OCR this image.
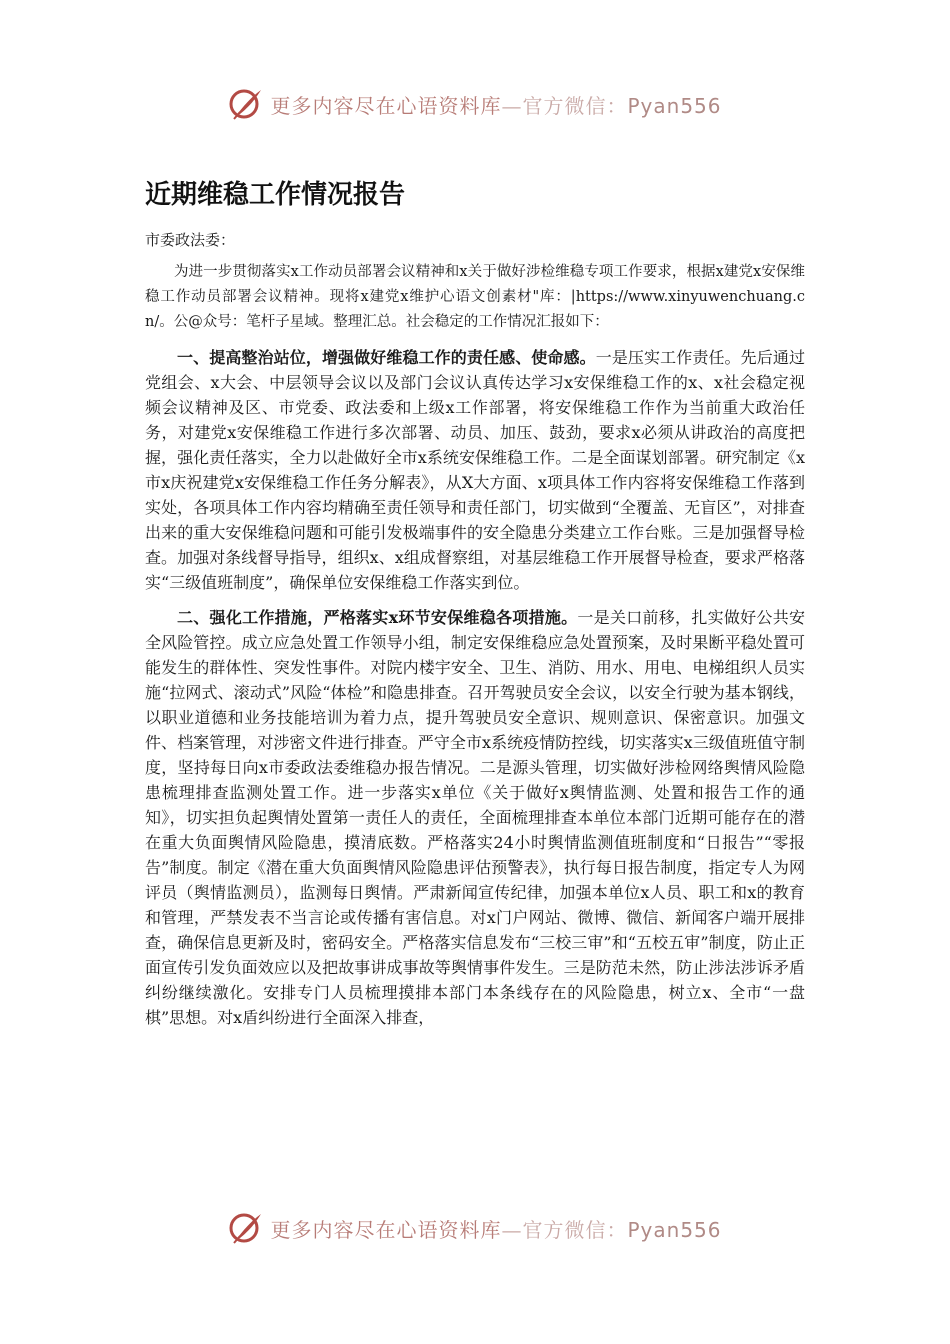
更多内容尽在心语资料库—官方微信：Pyan556
近期维稳工作情况报告

市委政法委：

为进一步贯彻落实x工作动员部署会议精神和x关于做好涉检维稳专项工作要求，根据x建党x安保维稳工作动员部署会议精神。现将x建党x维护心语文创素材"库：|https://www.xinyuwenchuang.cn/。公@众号：笔杆子星域。整理汇总。社会稳定的工作情况汇报如下：

一、提高整治站位，增强做好维稳工作的责任感、使命感。一是压实工作责任。先后通过党组会、x大会、中层领导会议以及部门会议认真传达学习x安保维稳工作的x、x社会稳定视频会议精神及区、市党委、政法委和上级x工作部署，将安保维稳工作作为当前重大政治任务，对建党x安保维稳工作进行多次部署、动员、加压、鼓劲，要求x必须从讲政治的高度把握，强化责任落实，全力以赴做好全市x系统安保维稳工作。二是全面谋划部署。研究制定《x市x庆祝建党x安保维稳工作任务分解表》，从X大方面、x项具体工作内容将安保维稳工作落到实处，各项具体工作内容均精确至责任领导和责任部门，切实做到“全覆盖、无盲区”，对排查出来的重大安保维稳问题和可能引发极端事件的安全隐患分类建立工作台账。三是加强督导检查。加强对条线督导指导，组织x、x组成督察组，对基层维稳工作开展督导检查，要求严格落实“三级值班制度”，确保单位安保维稳工作落实到位。

二、强化工作措施，严格落实x环节安保维稳各项措施。一是关口前移，扎实做好公共安全风险管控。成立应急处置工作领导小组，制定安保维稳应急处置预案，及时果断平稳处置可能发生的群体性、突发性事件。对院内楼宇安全、卫生、消防、用水、用电、电梯组织人员实施“拉网式、滚动式”风险“体检”和隐患排查。召开驾驶员安全会议，以安全行驶为基本钢线，以职业道德和业务技能培训为着力点，提升驾驶员安全意识、规则意识、保密意识。加强文件、档案管理，对涉密文件进行排查。严守全市x系统疫情防控线，切实落实x三级值班值守制度，坚持每日向x市委政法委维稳办报告情况。二是源头管理，切实做好涉检网络舆情风险隐患梳理排查监测处置工作。进一步落实x单位《关于做好x舆情监测、处置和报告工作的通知》，切实担负起舆情处置第一责任人的责任，全面梳理排查本单位本部门近期可能存在的潜在重大负面舆情风险隐患，摸清底数。严格落实24小时舆情监测值班制度和“日报告”“零报告”制度。制定《潜在重大负面舆情风险隐患评估预警表》，执行每日报告制度，指定专人为网评员（舆情监测员），监测每日舆情。严肃新闻宣传纪律，加强本单位x人员、职工和x的教育和管理，严禁发表不当言论或传播有害信息。对x门户网站、微博、微信、新闻客户端开展排查，确保信息更新及时，密码安全。严格落实信息发布“三校三审”和“五校五审”制度，防止正面宣传引发负面效应以及把故事讲成事故等舆情事件发生。三是防范未然，防止涉法涉诉矛盾纠纷继续激化。安排专门人员梳理摸排本部门本条线存在的风险隐患，树立x、全市“一盘棋”思想。对x盾纠纷进行全面深入排查，

更多内容尽在心语资料库—官方微信：Pyan556
